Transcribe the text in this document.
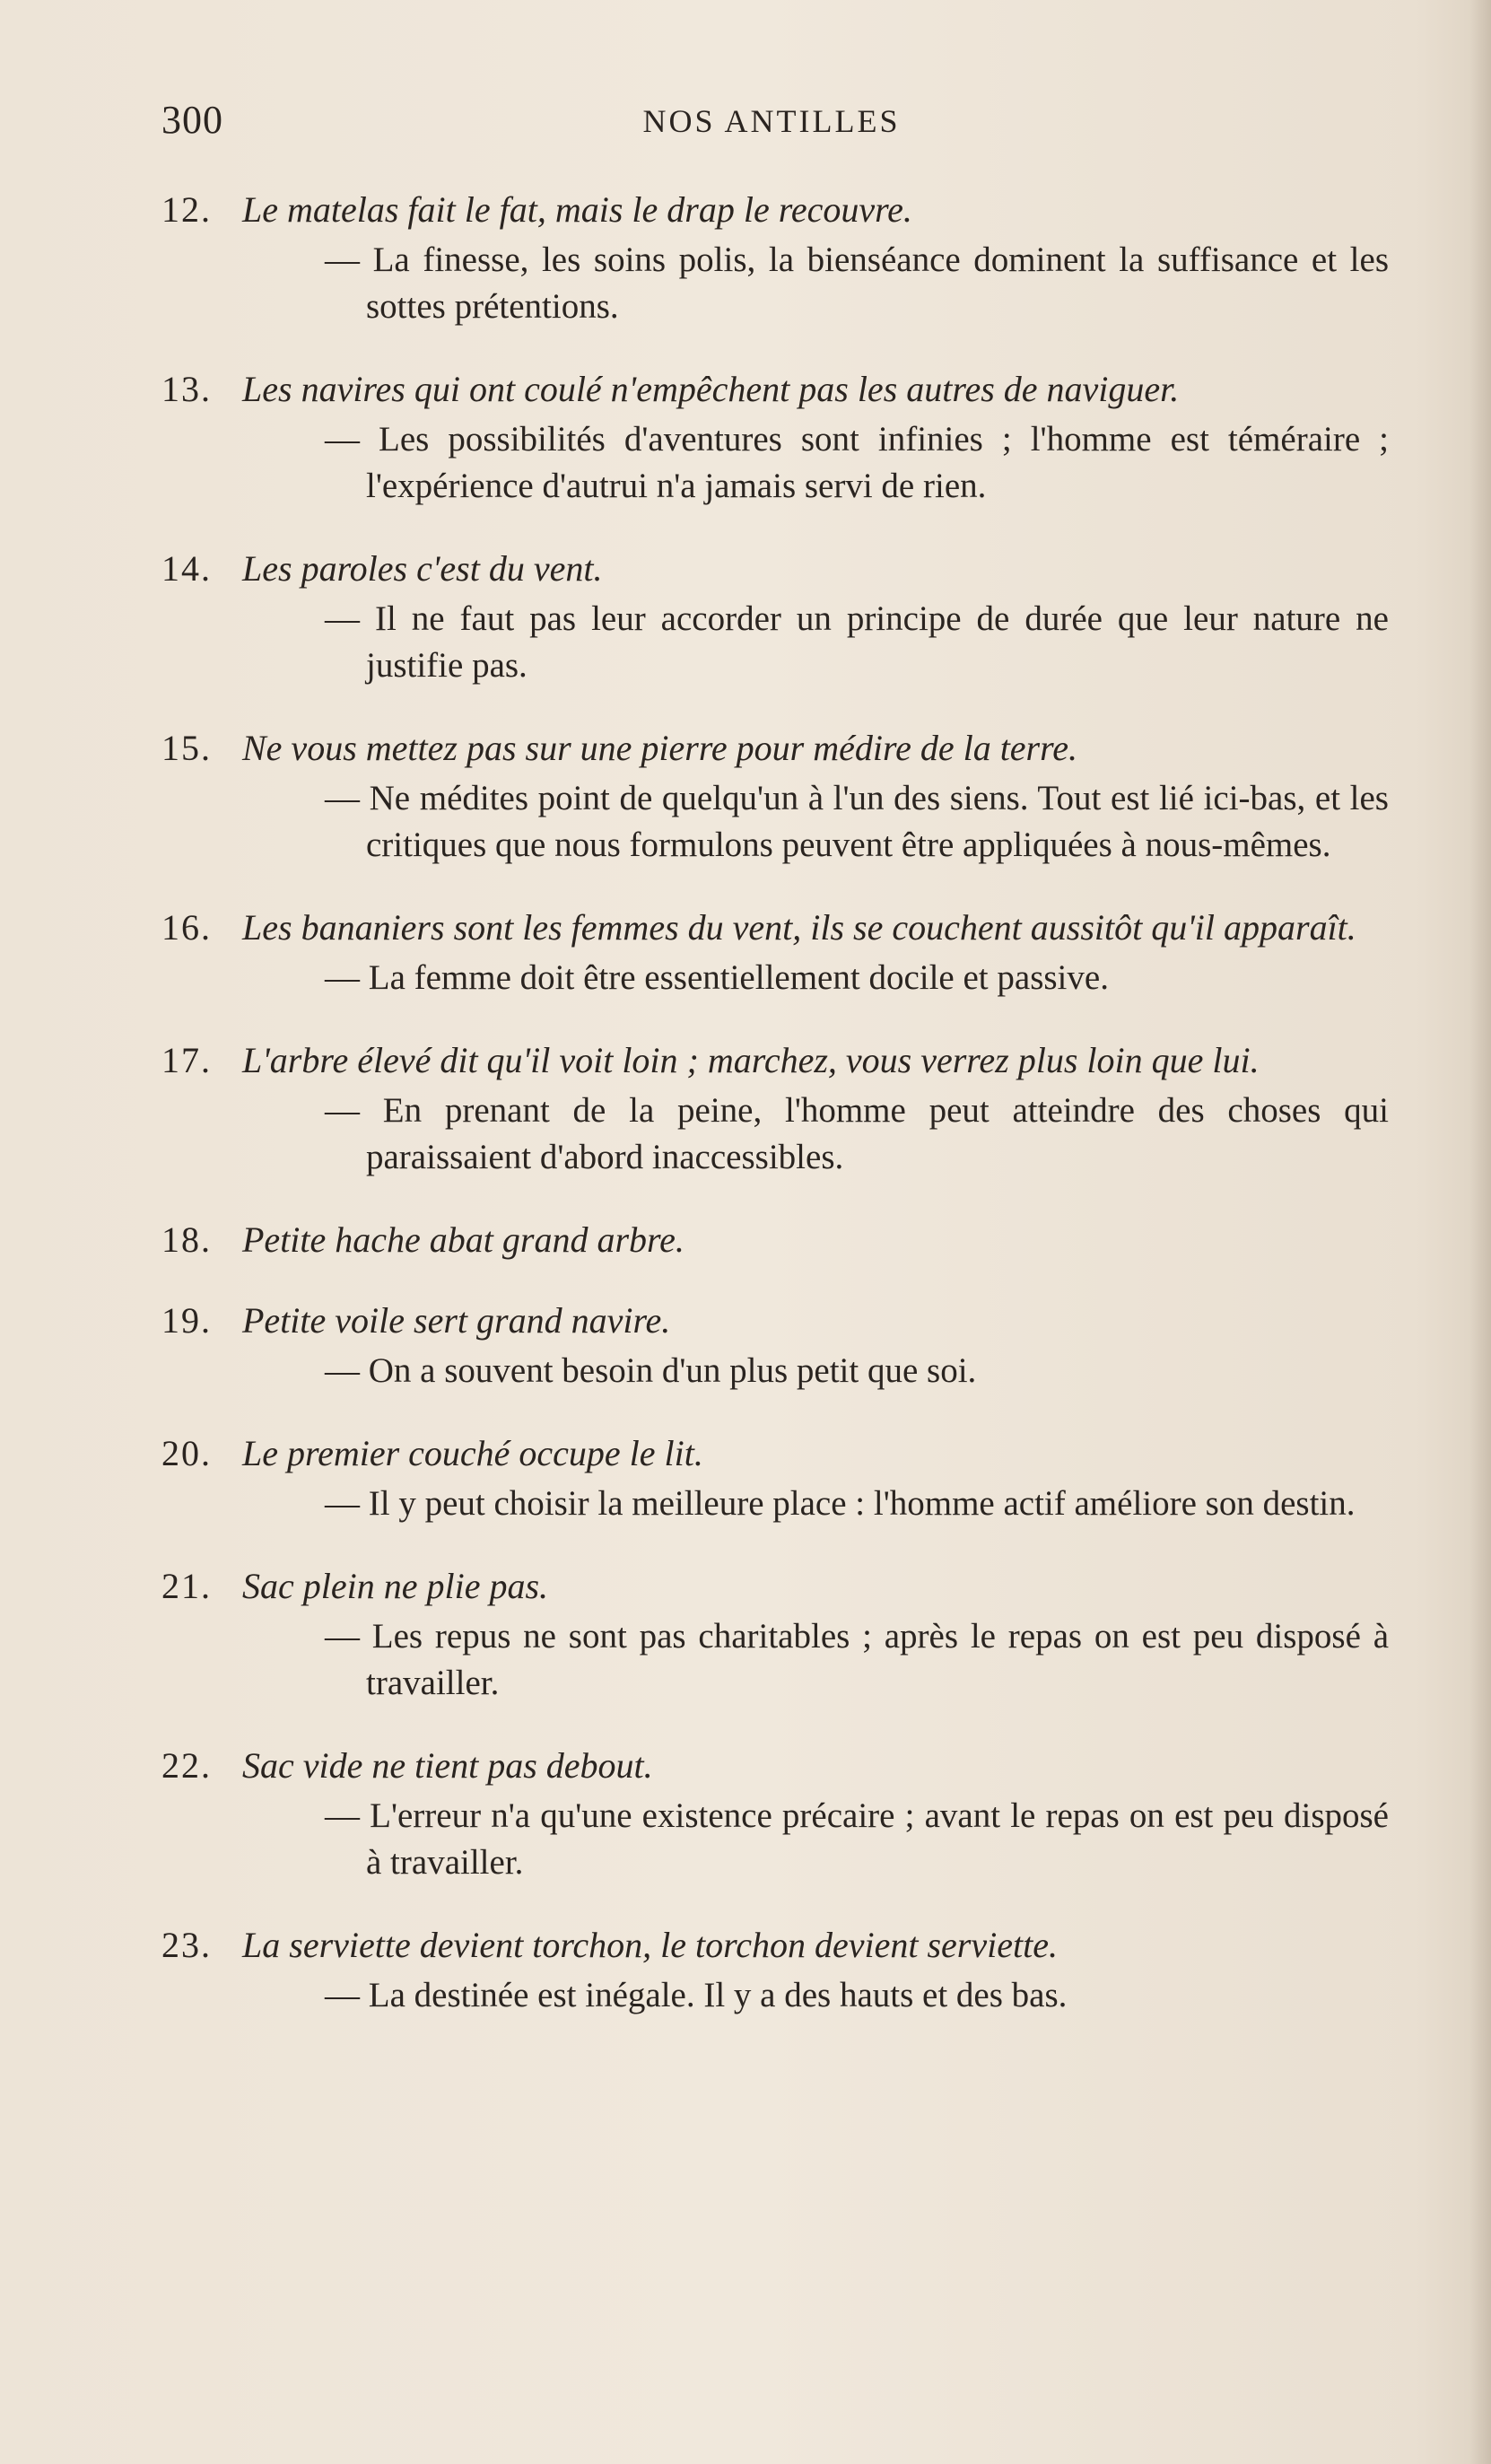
300	NOS ANTILLES
12. Le matelas fait le fat, mais le drap le recouvre.
— La finesse, les soins polis, la bienséance dominent la suffisance et les sottes prétentions.
13. Les navires qui ont coulé n'empêchent pas les autres de naviguer.
— Les possibilités d'aventures sont infinies ; l'homme est téméraire ; l'expérience d'autrui n'a jamais servi de rien.
14. Les paroles c'est du vent.
— Il ne faut pas leur accorder un principe de durée que leur nature ne justifie pas.
15. Ne vous mettez pas sur une pierre pour médire de la terre.
— Ne médites point de quelqu'un à l'un des siens. Tout est lié ici-bas, et les critiques que nous formulons peuvent être appliquées à nous-mêmes.
16. Les bananiers sont les femmes du vent, ils se couchent aussitôt qu'il apparaît.
— La femme doit être essentiellement docile et passive.
17. L'arbre élevé dit qu'il voit loin ; marchez, vous verrez plus loin que lui.
— En prenant de la peine, l'homme peut atteindre des choses qui paraissaient d'abord inaccessibles.
18. Petite hache abat grand arbre.
19. Petite voile sert grand navire.
— On a souvent besoin d'un plus petit que soi.
20. Le premier couché occupe le lit.
— Il y peut choisir la meilleure place : l'homme actif améliore son destin.
21. Sac plein ne plie pas.
— Les repus ne sont pas charitables ; après le repas on est peu disposé à travailler.
22. Sac vide ne tient pas debout.
— L'erreur n'a qu'une existence précaire ; avant le repas on est peu disposé à travailler.
23. La serviette devient torchon, le torchon devient serviette.
— La destinée est inégale. Il y a des hauts et des bas.
